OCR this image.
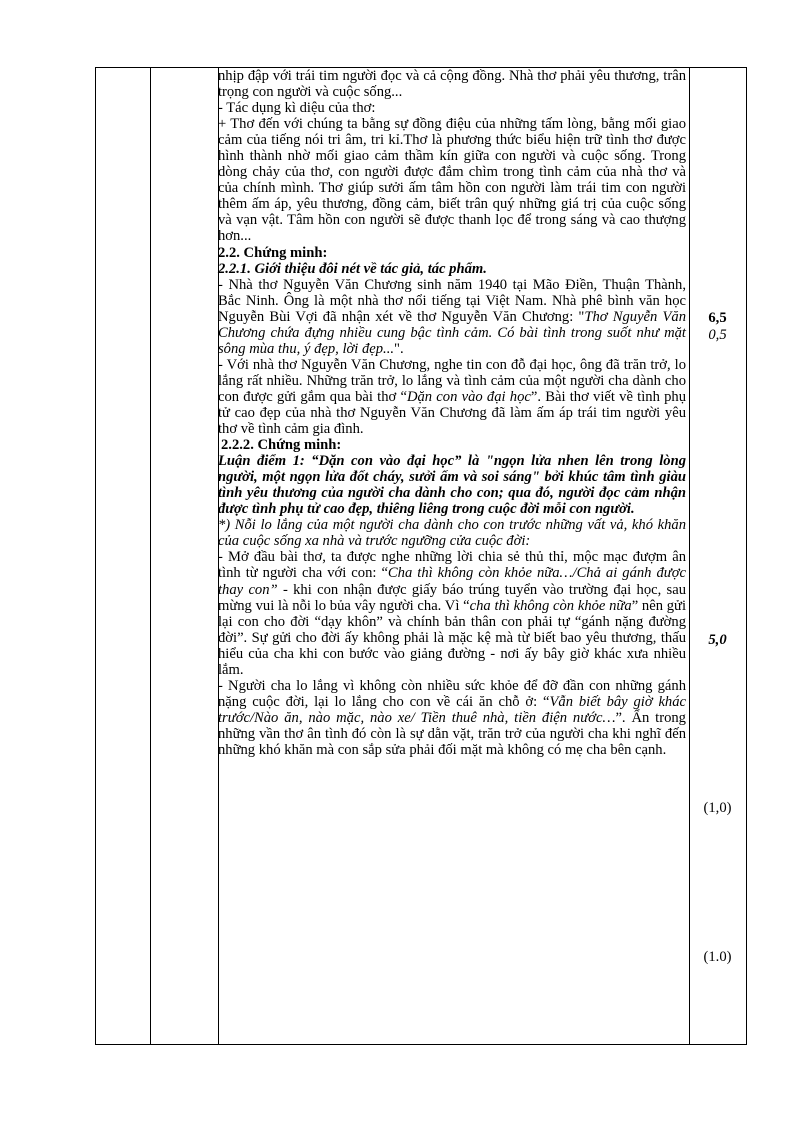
nhịp đập với trái tim người đọc và cả cộng đồng. Nhà thơ phải yêu thương, trân trọng con người và cuộc sống...

- Tác dụng kì diệu của thơ:

+ Thơ đến với chúng ta bằng sự đồng điệu của những tấm lòng, bằng mối giao cảm của tiếng nói tri âm, tri kỉ.Thơ là phương thức biểu hiện trữ tình thơ được hình thành nhờ mối giao cảm thầm kín giữa con người và cuộc sống. Trong dòng chảy của thơ, con người được đắm chìm trong tình cảm của nhà thơ và của chính mình. Thơ giúp sưởi ấm tâm hồn con người làm trái tim con người thêm ấm áp, yêu thương, đồng cảm, biết trân quý những giá trị của cuộc sống và vạn vật. Tâm hồn con người sẽ được thanh lọc để trong sáng và cao thượng hơn...

2.2. Chứng minh:

2.2.1. Giới thiệu đôi nét về tác giả, tác phẩm.

- Nhà thơ Nguyễn Văn Chương sinh năm 1940 tại Mão Điền, Thuận Thành, Bắc Ninh. Ông là một nhà thơ nổi tiếng tại Việt Nam. Nhà phê bình văn học Nguyễn Bùi Vợi đã nhận xét về thơ Nguyễn Văn Chương: "Thơ Nguyễn Văn Chương chứa đựng nhiều cung bậc tình cảm. Có bài tình trong suốt như mặt sông mùa thu, ý đẹp, lời đẹp...".

- Với nhà thơ Nguyễn Văn Chương, nghe tin con đỗ đại học, ông đã trăn trở, lo lắng rất nhiều. Những trăn trở, lo lắng và tình cảm của một người cha dành cho con được gửi gắm qua bài thơ “Dặn con vào đại học”. Bài thơ viết về tình phụ tử cao đẹp của nhà thơ Nguyễn Văn Chương đã làm ấm áp trái tim người yêu thơ về tình cảm gia đình.

2.2.2. Chứng minh:

Luận điểm 1: “Dặn con vào đại học” là "ngọn lửa nhen lên trong lòng người, một ngọn lửa đốt cháy, sưởi ấm và soi sáng" bởi khúc tâm tình giàu tình yêu thương của người cha dành cho con; qua đó, người đọc cảm nhận được tình phụ tử cao đẹp, thiêng liêng trong cuộc đời mỗi con người.

*) Nỗi lo lắng của một người cha dành cho con trước những vất vả, khó khăn của cuộc sống xa nhà và trước ngưỡng cửa cuộc đời:

- Mở đầu bài thơ, ta được nghe những lời chia sẻ thủ thỉ, mộc mạc đượm ân tình từ người cha với con: “Cha thì không còn khỏe nữa…/Chả ai gánh được thay con” - khi con nhận được giấy báo trúng tuyển vào trường đại học, sau mừng vui là nỗi lo bủa vây người cha. Vì “cha thì không còn khỏe nữa” nên gửi lại con cho đời “dạy khôn” và chính bản thân con phải tự “gánh nặng đường đời”. Sự gửi cho đời ấy không phải là mặc kệ mà từ biết bao yêu thương, thấu hiểu của cha khi con bước vào giảng đường - nơi ấy bây giờ khác xưa nhiều lắm.

- Người cha lo lắng vì không còn nhiều sức khỏe để đỡ đần con những gánh nặng cuộc đời, lại lo lắng cho con về cái ăn chỗ ở: “Vẫn biết bây giờ khác trước/Nào ăn, nào mặc, nào xe/ Tiền thuê nhà, tiền điện nước…”. Ẩn trong những vần thơ ân tình đó còn là sự dằn vặt, trăn trở của người cha khi nghĩ đến những khó khăn mà con sắp sửa phải đối mặt mà không có mẹ cha bên cạnh.

6,5
0,5
5,0
(1,0)
(1.0)
